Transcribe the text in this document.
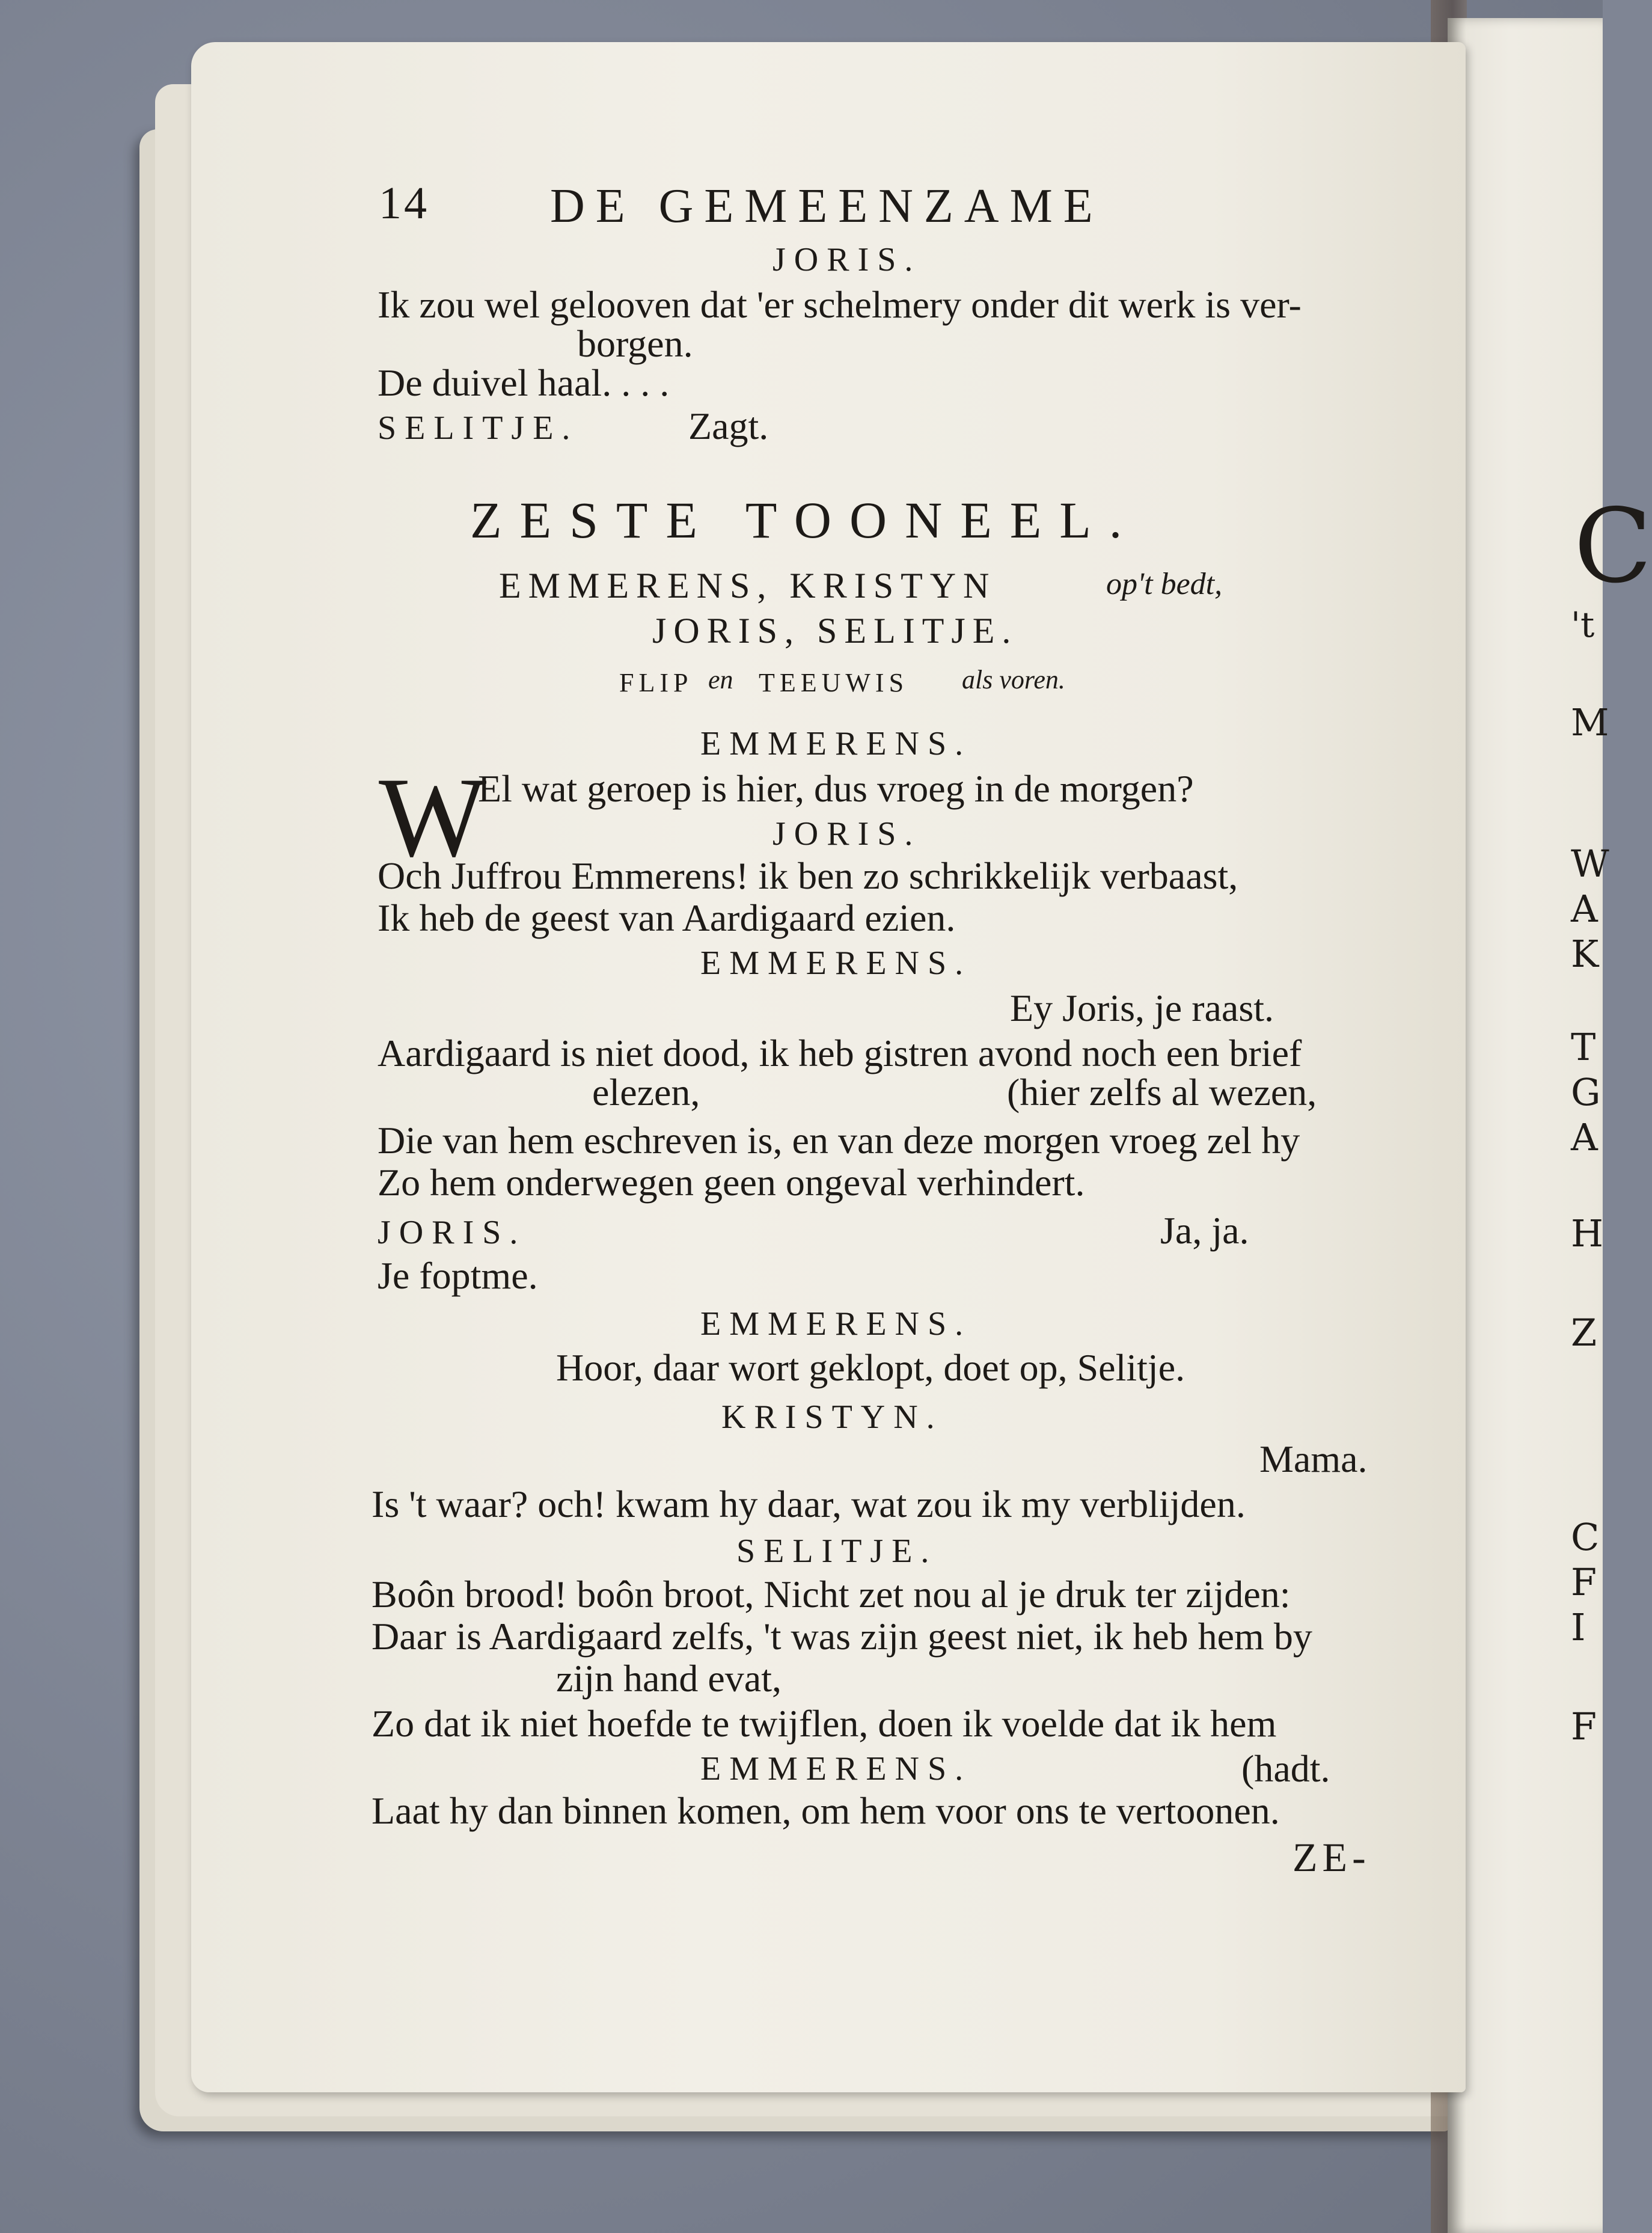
C
't
M
W
A
K
T
G
A
H
Z
C
F
I
F
14	DE GEMEENZAME
JORIS.
Ik zou wel gelooven dat 'er schelmery onder dit werk is ver-
borgen.
De duivel haal. . . .
SELITJE.	Zagt.
ZESTE TOONEEL.
EMMERENS, KRISTYN	op't bedt,
JORIS, SELITJE.
FLIP en TEEUWIS als voren.
EMMERENS.
W
El wat geroep is hier, dus vroeg in de morgen?
JORIS.
Och Juffrou Emmerens! ik ben zo schrikkelijk verbaast,
Ik heb de geest van Aardigaard ezien.
EMMERENS.
Ey Joris, je raast.
Aardigaard is niet dood, ik heb gistren avond noch een brief
elezen,	(hier zelfs al wezen,
Die van hem eschreven is, en van deze morgen vroeg zel hy
Zo hem onderwegen geen ongeval verhindert.
JORIS.	Ja, ja.
Je foptme.
EMMERENS.
Hoor, daar wort geklopt, doet op, Selitje.
KRISTYN.
Mama.
Is 't waar? och! kwam hy daar, wat zou ik my verblijden.
SELITJE.
Boôn brood! boôn broot, Nicht zet nou al je druk ter zijden:
Daar is Aardigaard zelfs, 't was zijn geest niet, ik heb hem by
zijn hand evat,
Zo dat ik niet hoefde te twijflen, doen ik voelde dat ik hem
EMMERENS.	(hadt.
Laat hy dan binnen komen, om hem voor ons te vertoonen.
ZE-
